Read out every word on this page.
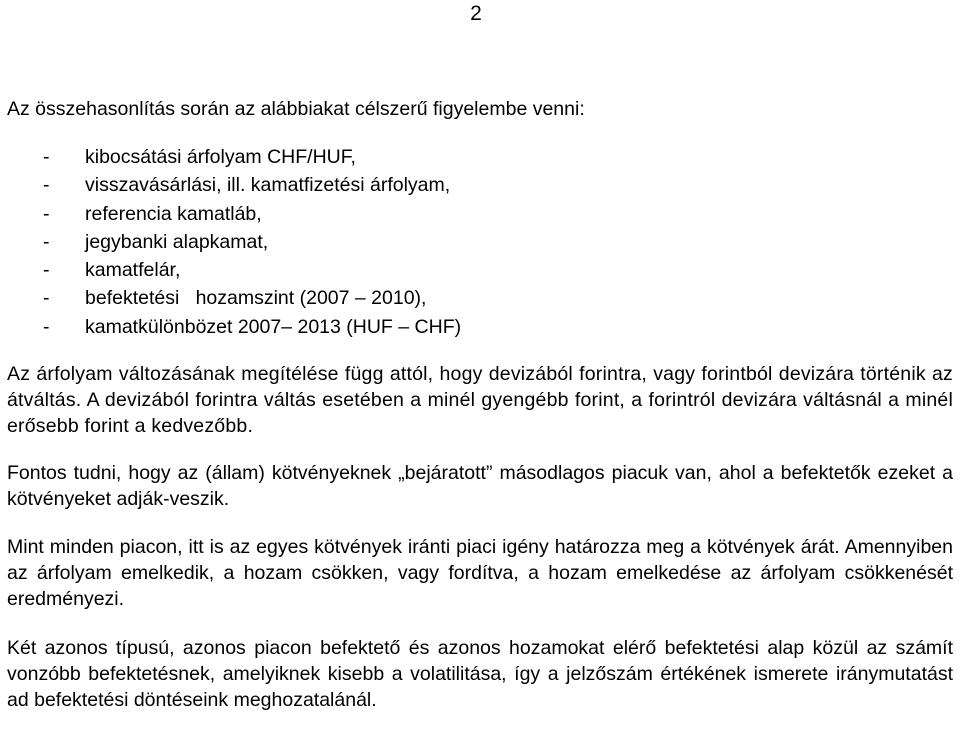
2

Az összehasonlítás során az alábbiakat célszerű figyelembe venni:

- kibocsátási árfolyam CHF/HUF,
- visszavásárlási, ill. kamatfizetési árfolyam,
- referencia kamatláb,
- jegybanki alapkamat,
- kamatfelár,
- befektetési   hozamszint (2007 – 2010),
- kamatkülönbözet 2007– 2013 (HUF – CHF)

Az árfolyam változásának megítélése függ attól, hogy devizából forintra, vagy forintból devizára történik az átváltás. A devizából forintra váltás esetében a minél gyengébb forint, a forintról devizára váltásnál a minél erősebb forint a kedvezőbb.

Fontos tudni, hogy az (állam) kötvényeknek „bejáratott” másodlagos piacuk van, ahol a befektetők ezeket a kötvényeket adják-veszik.

Mint minden piacon, itt is az egyes kötvények iránti piaci igény határozza meg a kötvények árát. Amennyiben az árfolyam emelkedik, a hozam csökken, vagy fordítva, a hozam emelkedése az árfolyam csökkenését eredményezi.

Két azonos típusú, azonos piacon befektető és azonos hozamokat elérő befektetési alap közül az számít vonzóbb befektetésnek, amelyiknek kisebb a volatilitása, így a jelzőszám értékének ismerete iránymutatást ad befektetési döntéseink meghozatalánál.
